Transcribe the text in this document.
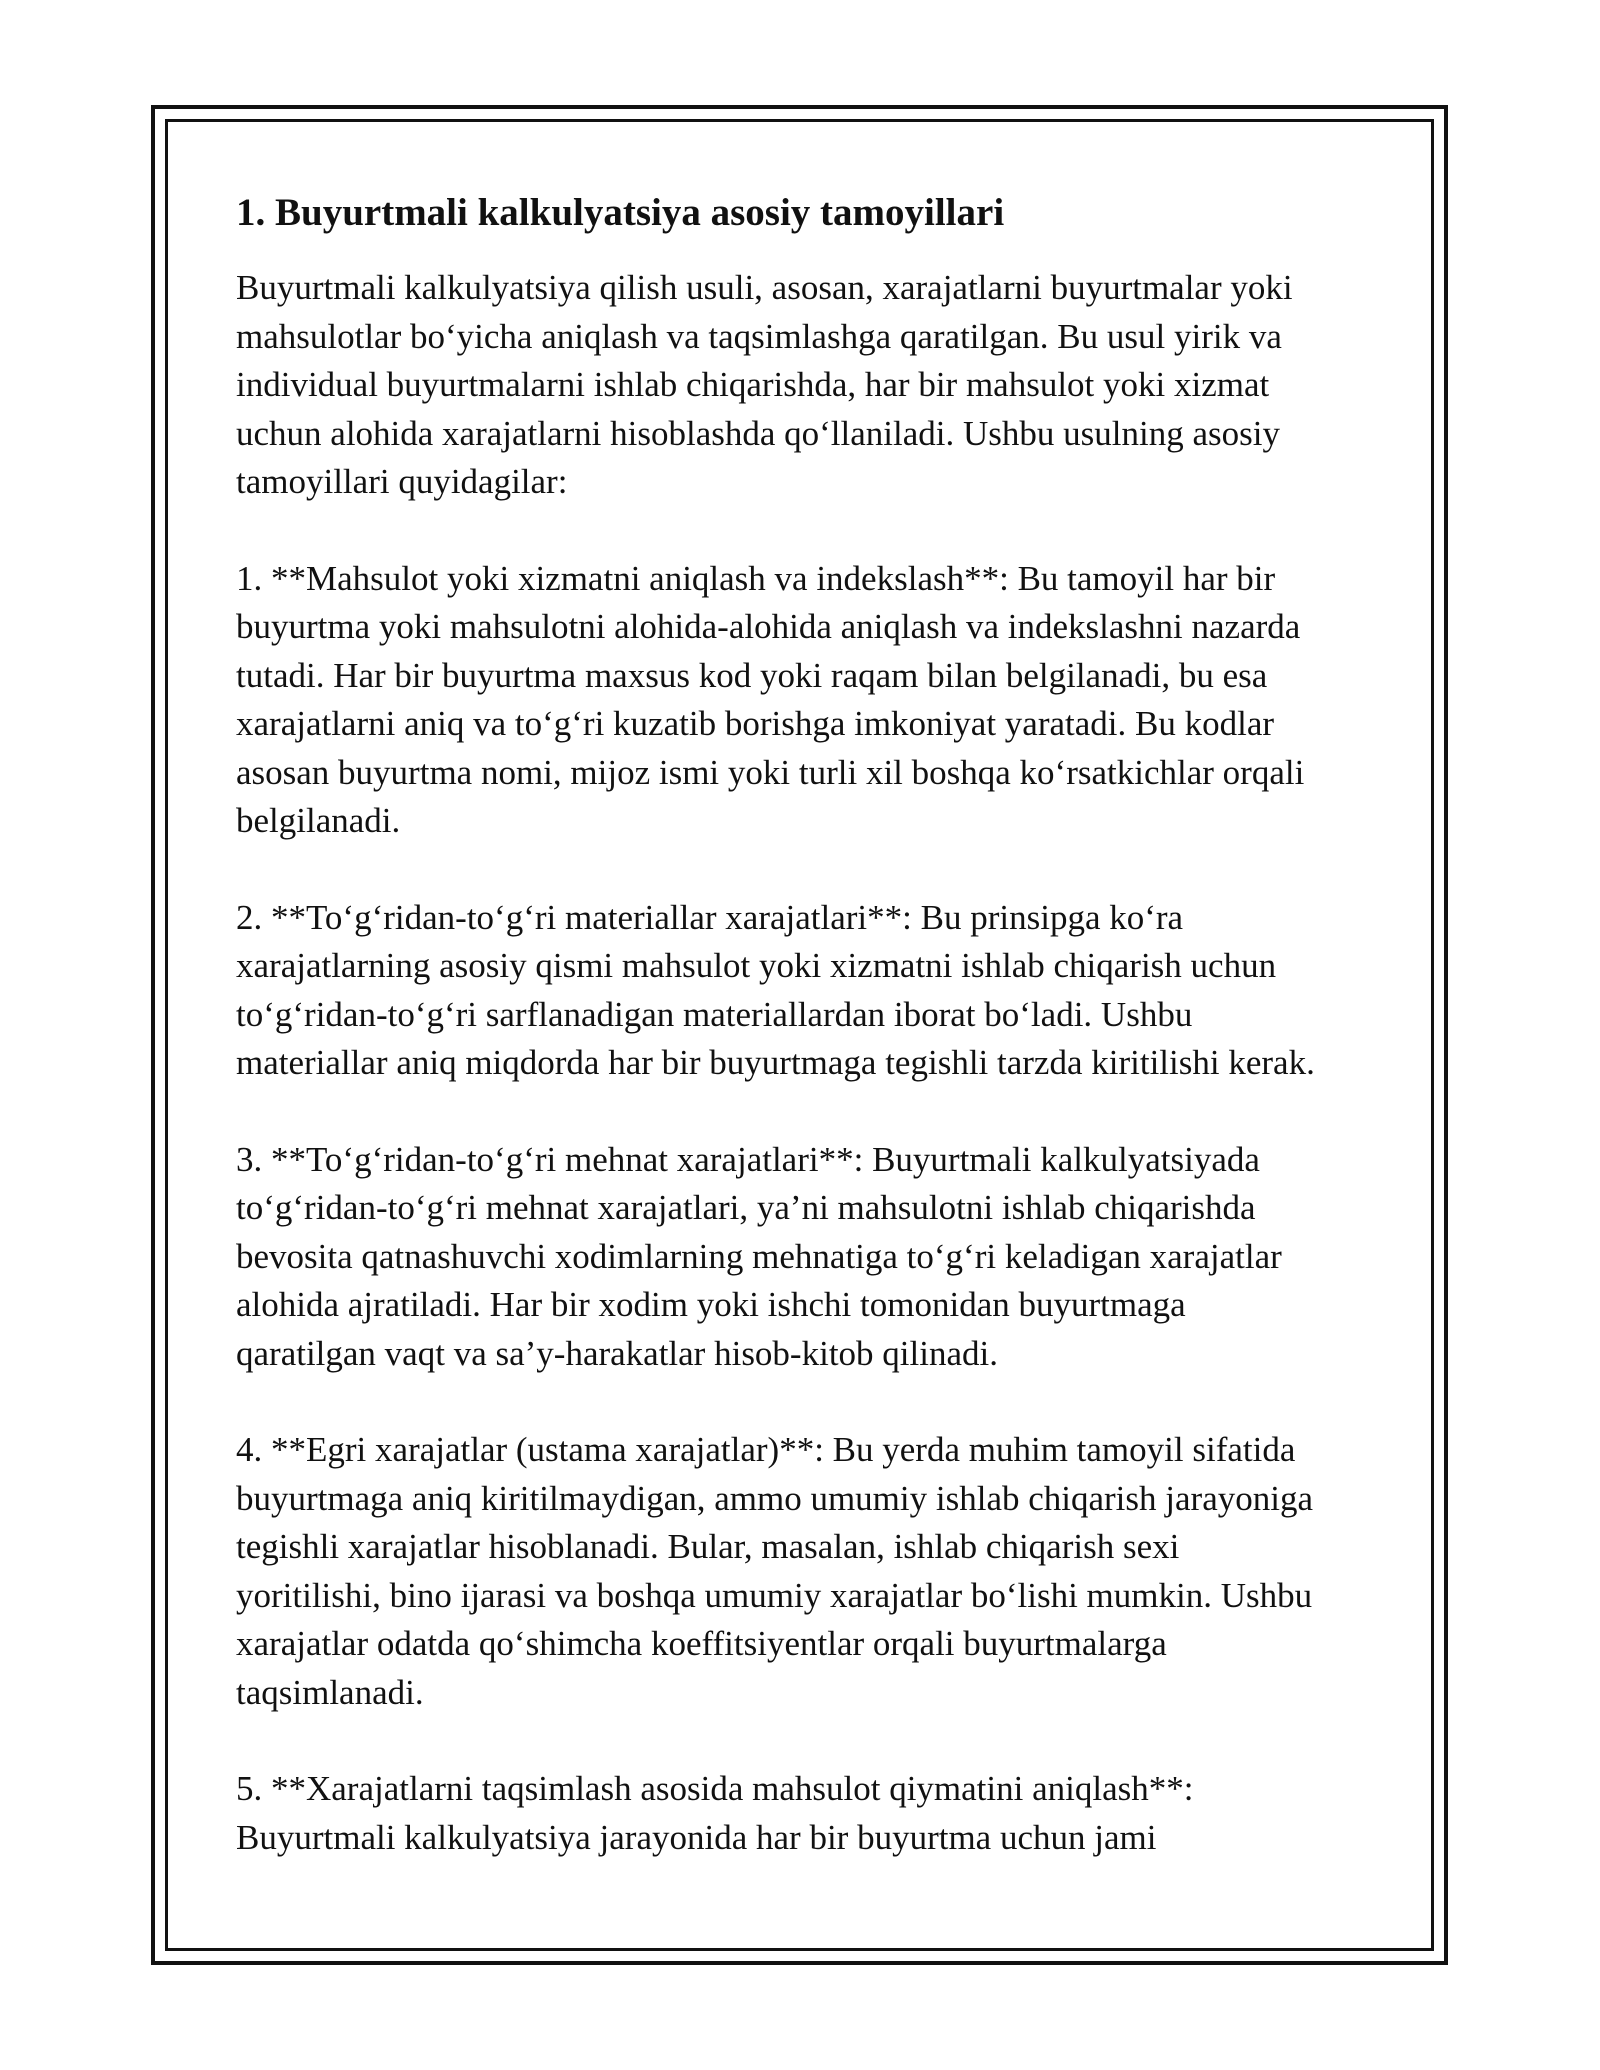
1. Buyurtmali kalkulyatsiya asosiy tamoyillari

Buyurtmali kalkulyatsiya qilish usuli, asosan, xarajatlarni buyurtmalar yoki
mahsulotlar bo‘yicha aniqlash va taqsimlashga qaratilgan. Bu usul yirik va
individual buyurtmalarni ishlab chiqarishda, har bir mahsulot yoki xizmat
uchun alohida xarajatlarni hisoblashda qo‘llaniladi. Ushbu usulning asosiy
tamoyillari quyidagilar:

1. **Mahsulot yoki xizmatni aniqlash va indekslash**: Bu tamoyil har bir
buyurtma yoki mahsulotni alohida-alohida aniqlash va indekslashni nazarda
tutadi. Har bir buyurtma maxsus kod yoki raqam bilan belgilanadi, bu esa
xarajatlarni aniq va to‘g‘ri kuzatib borishga imkoniyat yaratadi. Bu kodlar
asosan buyurtma nomi, mijoz ismi yoki turli xil boshqa ko‘rsatkichlar orqali
belgilanadi.

2. **To‘g‘ridan-to‘g‘ri materiallar xarajatlari**: Bu prinsipga ko‘ra
xarajatlarning asosiy qismi mahsulot yoki xizmatni ishlab chiqarish uchun
to‘g‘ridan-to‘g‘ri sarflanadigan materiallardan iborat bo‘ladi. Ushbu
materiallar aniq miqdorda har bir buyurtmaga tegishli tarzda kiritilishi kerak.

3. **To‘g‘ridan-to‘g‘ri mehnat xarajatlari**: Buyurtmali kalkulyatsiyada
to‘g‘ridan-to‘g‘ri mehnat xarajatlari, ya’ni mahsulotni ishlab chiqarishda
bevosita qatnashuvchi xodimlarning mehnatiga to‘g‘ri keladigan xarajatlar
alohida ajratiladi. Har bir xodim yoki ishchi tomonidan buyurtmaga
qaratilgan vaqt va sa’y-harakatlar hisob-kitob qilinadi.

4. **Egri xarajatlar (ustama xarajatlar)**: Bu yerda muhim tamoyil sifatida
buyurtmaga aniq kiritilmaydigan, ammo umumiy ishlab chiqarish jarayoniga
tegishli xarajatlar hisoblanadi. Bular, masalan, ishlab chiqarish sexi
yoritilishi, bino ijarasi va boshqa umumiy xarajatlar bo‘lishi mumkin. Ushbu
xarajatlar odatda qo‘shimcha koeffitsiyentlar orqali buyurtmalarga
taqsimlanadi.

5. **Xarajatlarni taqsimlash asosida mahsulot qiymatini aniqlash**:
Buyurtmali kalkulyatsiya jarayonida har bir buyurtma uchun jami
